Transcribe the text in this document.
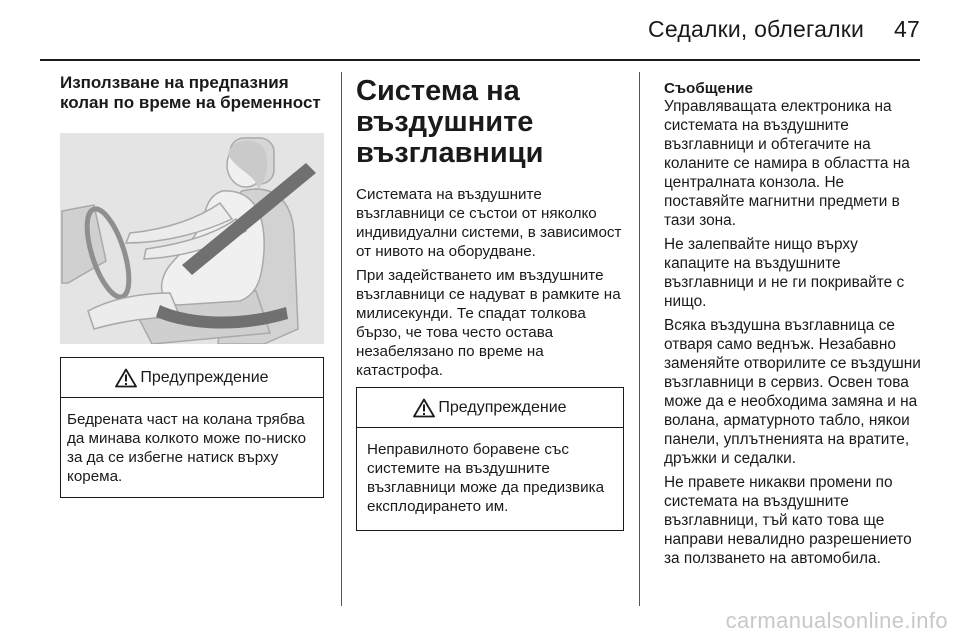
Седалки, облегалки 47
Използване на предпазния колан по време на бременност
Предупреждение
Бедрената част на колана трябва да минава колкото може по-ниско за да се избегне натиск върху корема.
Система на въздушните възглавници

Системата на въздушните възглавници се състои от няколко индивидуални системи, в зависимост от нивото на оборудване.

При задействането им въздушните възглавници се надуват в рамките на милисекунди. Те спадат толкова бързо, че това често остава незабелязано по време на катастрофа.

Предупреждение
Неправилното боравене със системите на въздушните възглавници може да предизвика експлодирането им.
Съобщение

Управляващата електроника на системата на въздушните възглавници и обтегачите на коланите се намира в областта на централната конзола. Не поставяйте магнитни предмети в тази зона.

Не залепвайте нищо върху капаците на въздушните възглавници и не ги покривайте с нищо.

Всяка въздушна възглавница се отваря само веднъж. Незабавно заменяйте отворилите се въздушни възглавници в сервиз. Освен това може да е необходима замяна и на волана, арматурното табло, някои панели, уплътненията на вратите, дръжки и седалки.

Не правете никакви промени по системата на въздушните възглавници, тъй като това ще направи невалидно разрешението за ползването на автомобила.

carmanualsonline.info
